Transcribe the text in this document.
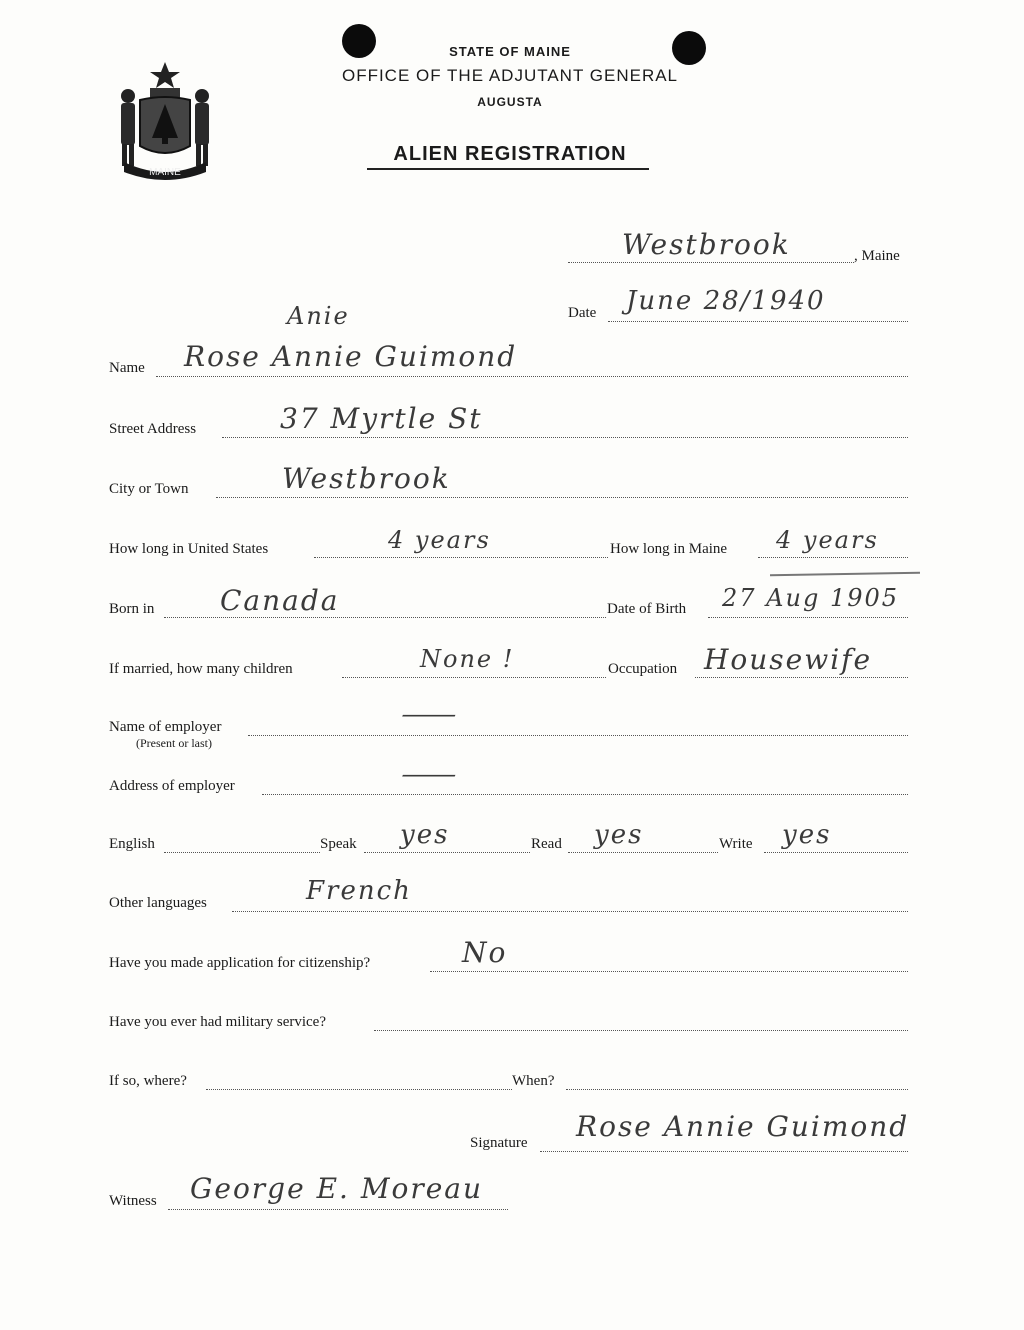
MAINE
STATE OF MAINE
OFFICE OF THE ADJUTANT GENERAL
AUGUSTA
ALIEN REGISTRATION
, Maine
Westbrook
Date June 28/1940
Anie
Name Rose Annie Guimond
Street Address	37 Myrtle St
City or Town	Westbrook
How long in United States	4 years	How long in Maine 4 years
Born in Canada	Date of Birth 27 Aug 1905
If married, how many children	None !	Occupation Housewife
Name of employer
(Present or last)
—
Address of employer	—
English	Speak yes	Read yes	Write yes
Other languages	French
Have you made application for citizenship?	No
Have you ever had military service?
If so, where?	When?
Signature Rose Annie Guimond
Witness George E. Moreau
